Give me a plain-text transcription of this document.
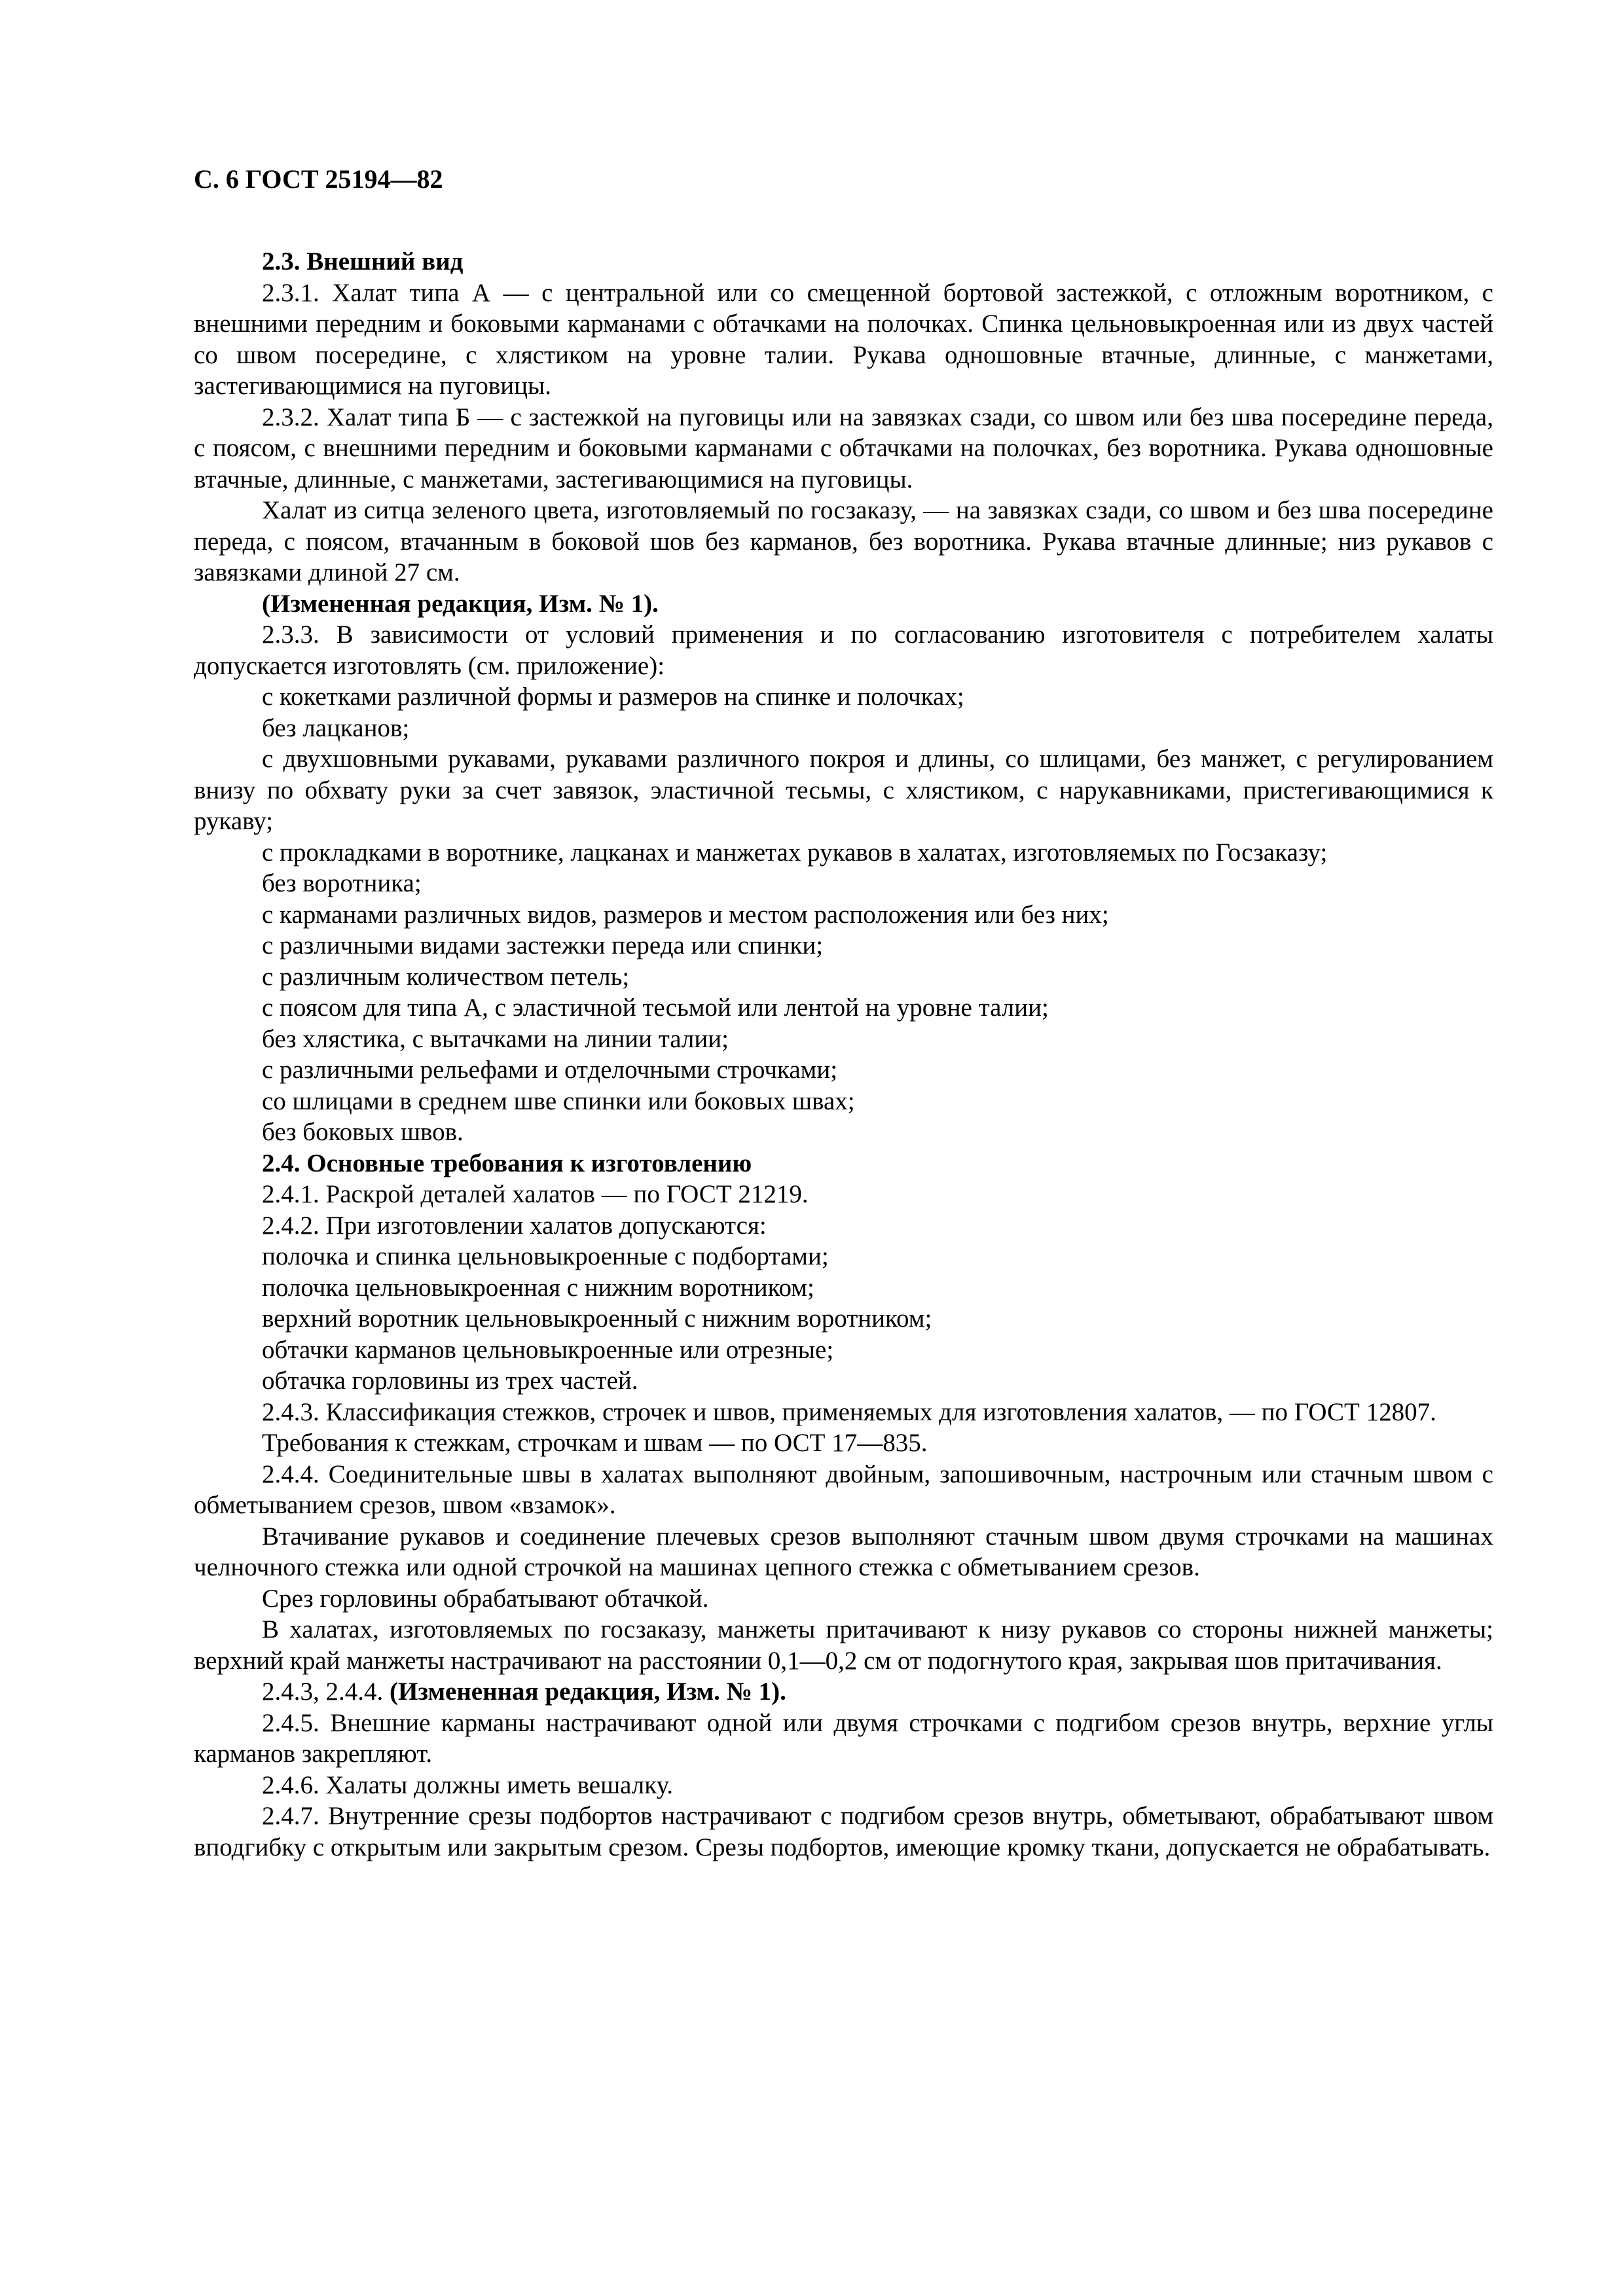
С. 6 ГОСТ 25194—82

2.3. Внешний вид

2.3.1. Халат типа А — с центральной или со смещенной бортовой застежкой, с отложным воротником, с внешними передним и боковыми карманами с обтачками на полочках. Спинка цельновыкроенная или из двух частей со швом посередине, с хлястиком на уровне талии. Рукава одношовные втачные, длинные, с манжетами, застегивающимися на пуговицы.

2.3.2. Халат типа Б — с застежкой на пуговицы или на завязках сзади, со швом или без шва посередине переда, с поясом, с внешними передним и боковыми карманами с обтачками на полочках, без воротника. Рукава одношовные втачные, длинные, с манжетами, застегивающимися на пуговицы.

Халат из ситца зеленого цвета, изготовляемый по госзаказу, — на завязках сзади, со швом и без шва посередине переда, с поясом, втачанным в боковой шов без карманов, без воротника. Рукава втачные длинные; низ рукавов с завязками длиной 27 см.

(Измененная редакция, Изм. № 1).

2.3.3. В зависимости от условий применения и по согласованию изготовителя с потребителем халаты допускается изготовлять (см. приложение):

с кокетками различной формы и размеров на спинке и полочках;

без лацканов;

с двухшовными рукавами, рукавами различного покроя и длины, со шлицами, без манжет, с регулированием внизу по обхвату руки за счет завязок, эластичной тесьмы, с хлястиком, с нарукавниками, пристегивающимися к рукаву;

с прокладками в воротнике, лацканах и манжетах рукавов в халатах, изготовляемых по Госзаказу;

без воротника;

с карманами различных видов, размеров и местом расположения или без них;

с различными видами застежки переда или спинки;

с различным количеством петель;

с поясом для типа А, с эластичной тесьмой или лентой на уровне талии;

без хлястика, с вытачками на линии талии;

с различными рельефами и отделочными строчками;

со шлицами в среднем шве спинки или боковых швах;

без боковых швов.

2.4. Основные требования к изготовлению

2.4.1. Раскрой деталей халатов — по ГОСТ 21219.

2.4.2. При изготовлении халатов допускаются:

полочка и спинка цельновыкроенные с подбортами;

полочка цельновыкроенная с нижним воротником;

верхний воротник цельновыкроенный с нижним воротником;

обтачки карманов цельновыкроенные или отрезные;

обтачка горловины из трех частей.

2.4.3. Классификация стежков, строчек и швов, применяемых для изготовления халатов, — по ГОСТ 12807.

Требования к стежкам, строчкам и швам — по ОСТ 17—835.

2.4.4. Соединительные швы в халатах выполняют двойным, запошивочным, настрочным или стачным швом с обметыванием срезов, швом «взамок».

Втачивание рукавов и соединение плечевых срезов выполняют стачным швом двумя строчками на машинах челночного стежка или одной строчкой на машинах цепного стежка с обметыванием срезов.

Срез горловины обрабатывают обтачкой.

В халатах, изготовляемых по госзаказу, манжеты притачивают к низу рукавов со стороны нижней манжеты; верхний край манжеты настрачивают на расстоянии 0,1—0,2 см от подогнутого края, закрывая шов притачивания.

2.4.3, 2.4.4. (Измененная редакция, Изм. № 1).

2.4.5. Внешние карманы настрачивают одной или двумя строчками с подгибом срезов внутрь, верхние углы карманов закрепляют.

2.4.6. Халаты должны иметь вешалку.

2.4.7. Внутренние срезы подбортов настрачивают с подгибом срезов внутрь, обметывают, обрабатывают швом вподгибку с открытым или закрытым срезом. Срезы подбортов, имеющие кромку ткани, допускается не обрабатывать.
